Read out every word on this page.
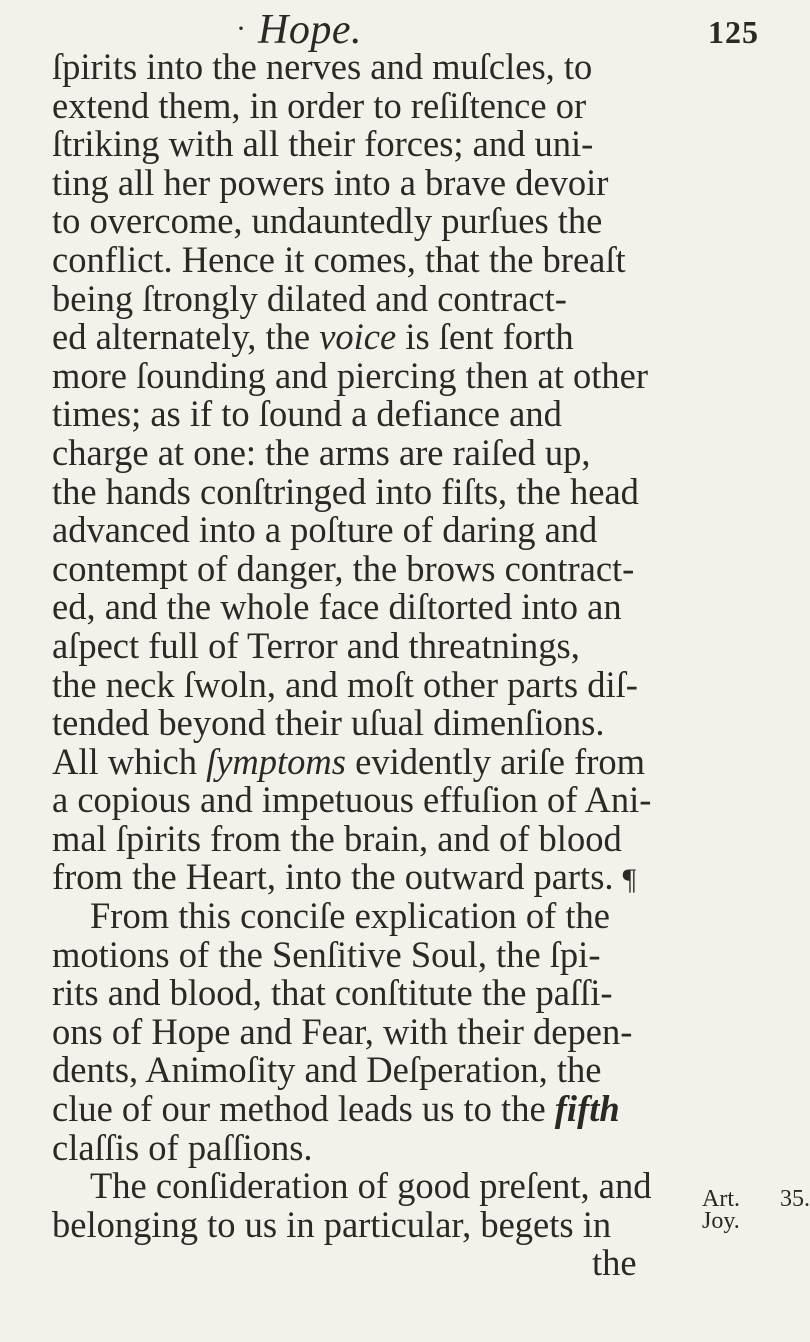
· Hope.	125
ſpirits into the nerves and muſcles, to
extend them, in order to reſiſtence or
ſtriking with all their forces; and uni-
ting all her powers into a brave devoir
to overcome, undauntedly purſues the
conflict. Hence it comes, that the breaſt
being ſtrongly dilated and contract-
ed alternately, the voice is ſent forth
more ſounding and piercing then at other
times; as if to ſound a defiance and
charge at one: the arms are raiſed up,
the hands conſtringed into fiſts, the head
advanced into a poſture of daring and
contempt of danger, the brows contract-
ed, and the whole face diſtorted into an
aſpect full of Terror and threatnings,
the neck ſwoln, and moſt other parts diſ-
tended beyond their uſual dimenſions.
All which ſymptoms evidently ariſe from
a copious and impetuous effuſion of Ani-
mal ſpirits from the brain, and of blood
from the Heart, into the outward parts. ¶
From this conciſe explication of the
motions of the Senſitive Soul, the ſpi-
rits and blood, that conſtitute the paſſi-
ons of Hope and Fear, with their depen-
dents, Animoſity and Deſperation, the
clue of our method leads us to the fifth
claſſis of paſſions.
The conſideration of good preſent, and
belonging to us in particular, begets in
the
Art.
Joy.
35.
